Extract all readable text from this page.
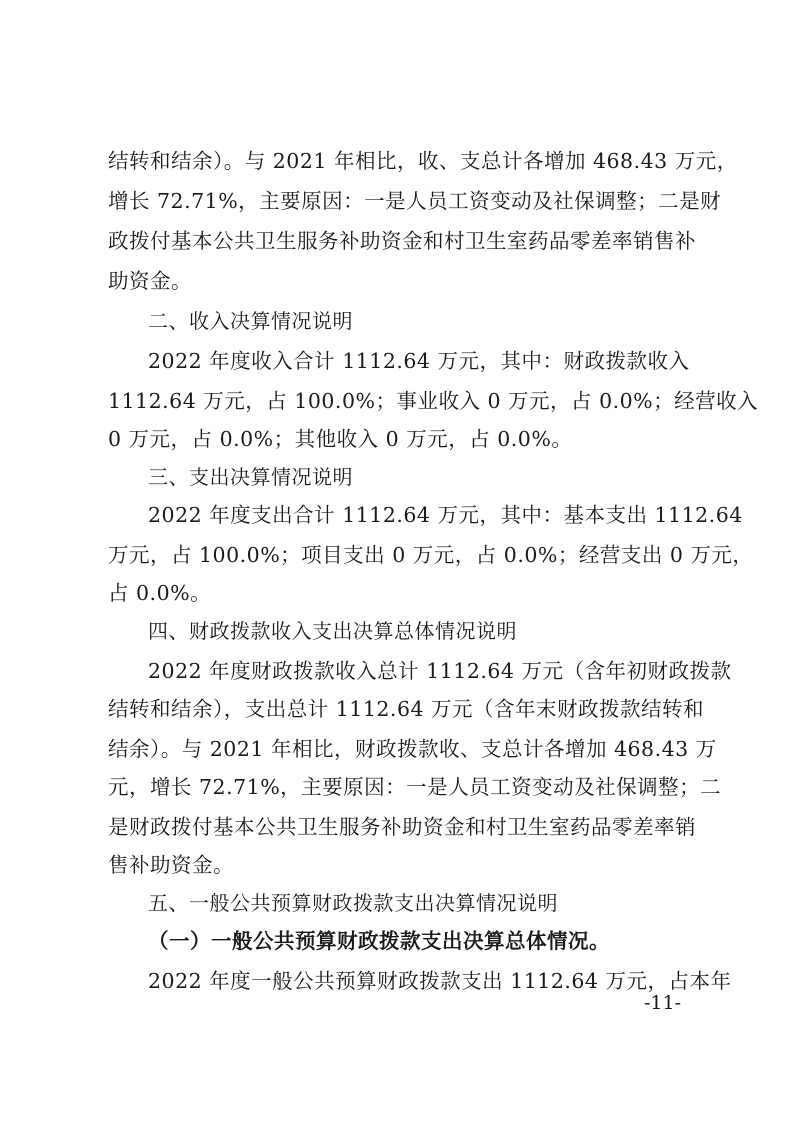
结转和结余）。与 2021 年相比，收、支总计各增加 468.43 万元，
增长 72.71%，主要原因：一是人员工资变动及社保调整；二是财
政拨付基本公共卫生服务补助资金和村卫生室药品零差率销售补
助资金。
二、收入决算情况说明
2022 年度收入合计 1112.64 万元，其中：财政拨款收入
1112.64 万元，占 100.0%；事业收入 0 万元，占 0.0%；经营收入
0 万元，占 0.0%；其他收入 0 万元，占 0.0%。
三、支出决算情况说明
2022 年度支出合计 1112.64 万元，其中：基本支出 1112.64
万元，占 100.0%；项目支出 0 万元，占 0.0%；经营支出 0 万元，
占 0.0%。
四、财政拨款收入支出决算总体情况说明
2022 年度财政拨款收入总计 1112.64 万元（含年初财政拨款
结转和结余），支出总计 1112.64 万元（含年末财政拨款结转和
结余）。与 2021 年相比，财政拨款收、支总计各增加 468.43 万
元，增长 72.71%，主要原因：一是人员工资变动及社保调整；二
是财政拨付基本公共卫生服务补助资金和村卫生室药品零差率销
售补助资金。
五、一般公共预算财政拨款支出决算情况说明
（一）一般公共预算财政拨款支出决算总体情况。
2022 年度一般公共预算财政拨款支出 1112.64 万元，占本年
-11-
